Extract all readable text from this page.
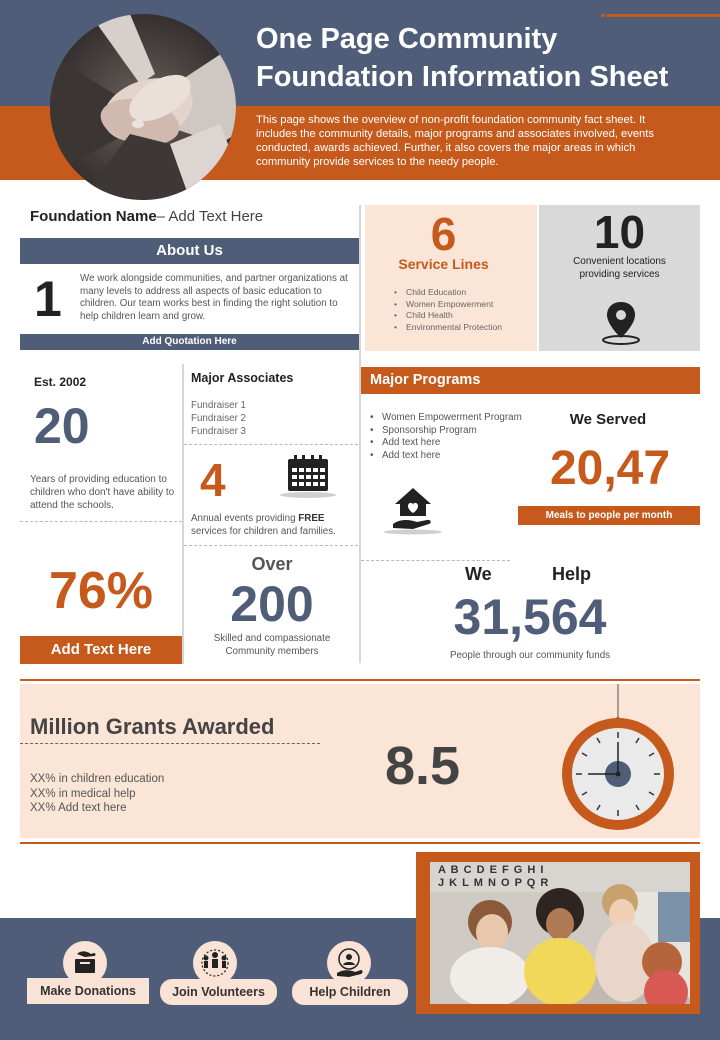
One Page Community Foundation Information Sheet
This page shows the overview of non-profit foundation community fact sheet. It includes the community details, major programs and associates involved, events conducted, awards achieved. Further, it also covers the major areas in which community provide services to the needy people.
Foundation Name– Add Text Here
About Us
1 We work alongside communities, and partner organizations at many levels to address all aspects of basic education to children. Our team works best in finding the right solution to help children learn and grow.
Add Quotation Here
6
Service Lines
• Child Education
• Women Empowerment
• Child Health
• Environmental Protection
10
Convenient locations providing services
Est. 2002
20
Years of providing education to children who don't have ability to attend the schools.
76%
Add Text Here
Major Associates
Fundraiser 1
Fundraiser 2
Fundraiser 3
4
Annual events providing FREE services for children and families.
Over
200
Skilled and compassionate Community members
Major Programs
• Women Empowerment Program
• Sponsorship Program
• Add text here
• Add text here
We Served
20,47
Meals to people per month
We	Help
31,564
People through our community funds
Million Grants Awarded
XX% in children education
XX% in medical help
XX% Add text here
8.5
A B C D E F G H I
J K L M N O P Q R
Make Donations	Join Volunteers	Help Children
